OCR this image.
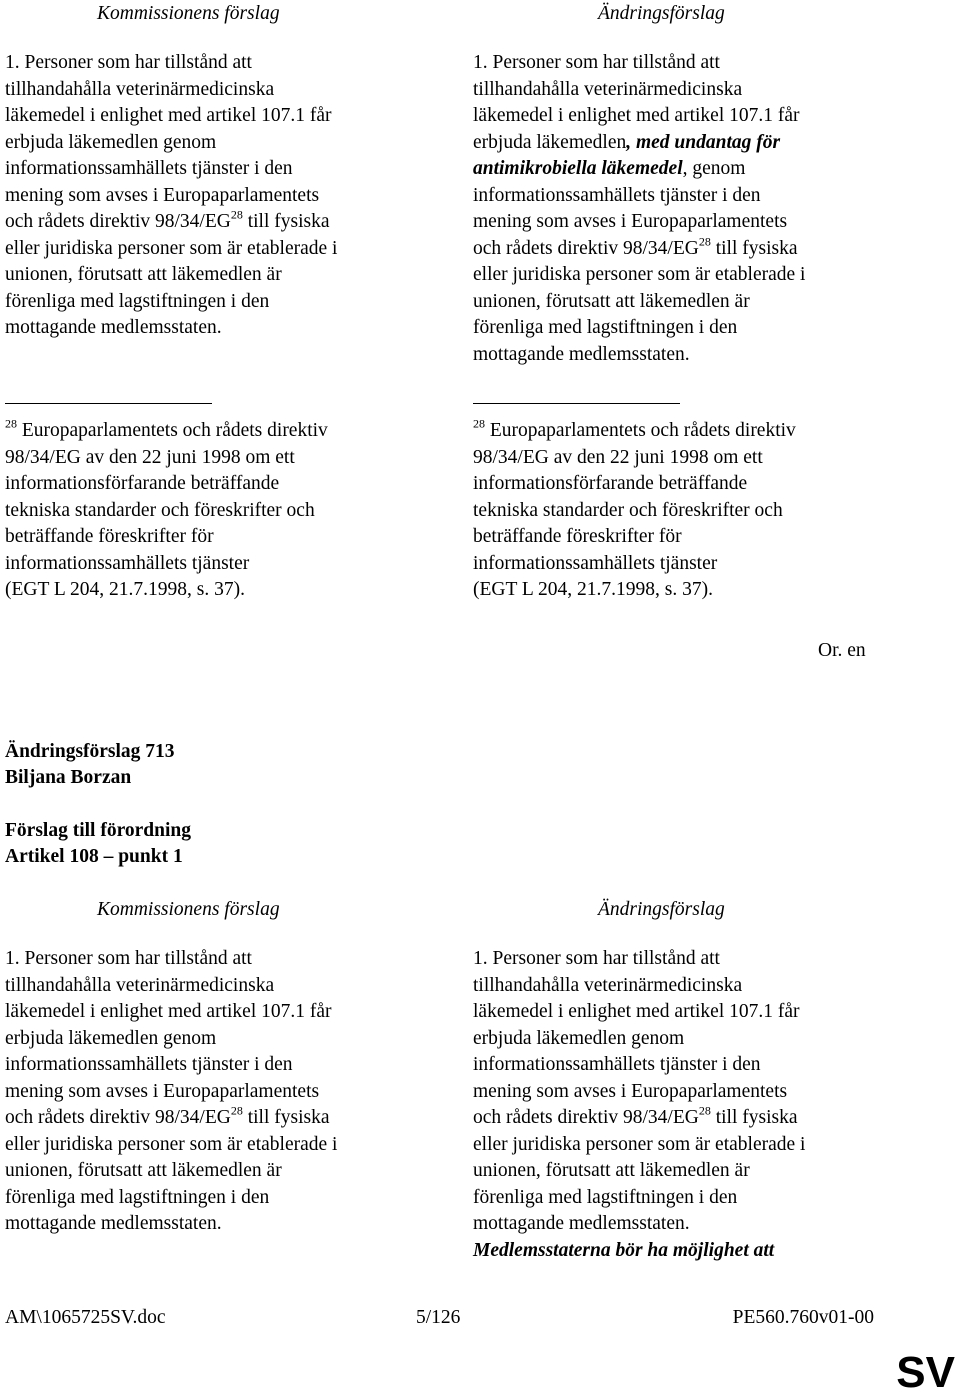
Kommissionens förslag	Ändringsförslag
1. Personer som har tillstånd att
tillhandahålla veterinärmedicinska
läkemedel i enlighet med artikel 107.1 får
erbjuda läkemedlen genom
informationssamhällets tjänster i den
mening som avses i Europaparlamentets
och rådets direktiv 98/34/EG$^{28}$ till fysiska
eller juridiska personer som är etablerade i
unionen, förutsatt att läkemedlen är
förenliga med lagstiftningen i den
mottagande medlemsstaten.
1. Personer som har tillstånd att
tillhandahålla veterinärmedicinska
läkemedel i enlighet med artikel 107.1 får
erbjuda läkemedlen, med undantag för
antimikrobiella läkemedel, genom
informationssamhällets tjänster i den
mening som avses i Europaparlamentets
och rådets direktiv 98/34/EG$^{28}$ till fysiska
eller juridiska personer som är etablerade i
unionen, förutsatt att läkemedlen är
förenliga med lagstiftningen i den
mottagande medlemsstaten.
$^{28}$ Europaparlamentets och rådets direktiv
98/34/EG av den 22 juni 1998 om ett
informationsförfarande beträffande
tekniska standarder och föreskrifter och
beträffande föreskrifter för
informationssamhällets tjänster
(EGT L 204, 21.7.1998, s. 37).
$^{28}$ Europaparlamentets och rådets direktiv
98/34/EG av den 22 juni 1998 om ett
informationsförfarande beträffande
tekniska standarder och föreskrifter och
beträffande föreskrifter för
informationssamhällets tjänster
(EGT L 204, 21.7.1998, s. 37).
Or. en
Ändringsförslag 713
Biljana Borzan
Förslag till förordning
Artikel 108 – punkt 1
Kommissionens förslag	Ändringsförslag
1. Personer som har tillstånd att
tillhandahålla veterinärmedicinska
läkemedel i enlighet med artikel 107.1 får
erbjuda läkemedlen genom
informationssamhällets tjänster i den
mening som avses i Europaparlamentets
och rådets direktiv 98/34/EG$^{28}$ till fysiska
eller juridiska personer som är etablerade i
unionen, förutsatt att läkemedlen är
förenliga med lagstiftningen i den
mottagande medlemsstaten.
1. Personer som har tillstånd att
tillhandahålla veterinärmedicinska
läkemedel i enlighet med artikel 107.1 får
erbjuda läkemedlen genom
informationssamhällets tjänster i den
mening som avses i Europaparlamentets
och rådets direktiv 98/34/EG$^{28}$ till fysiska
eller juridiska personer som är etablerade i
unionen, förutsatt att läkemedlen är
förenliga med lagstiftningen i den
mottagande medlemsstaten.
Medlemsstaterna bör ha möjlighet att
AM\1065725SV.doc	5/126	PE560.760v01-00
SV
